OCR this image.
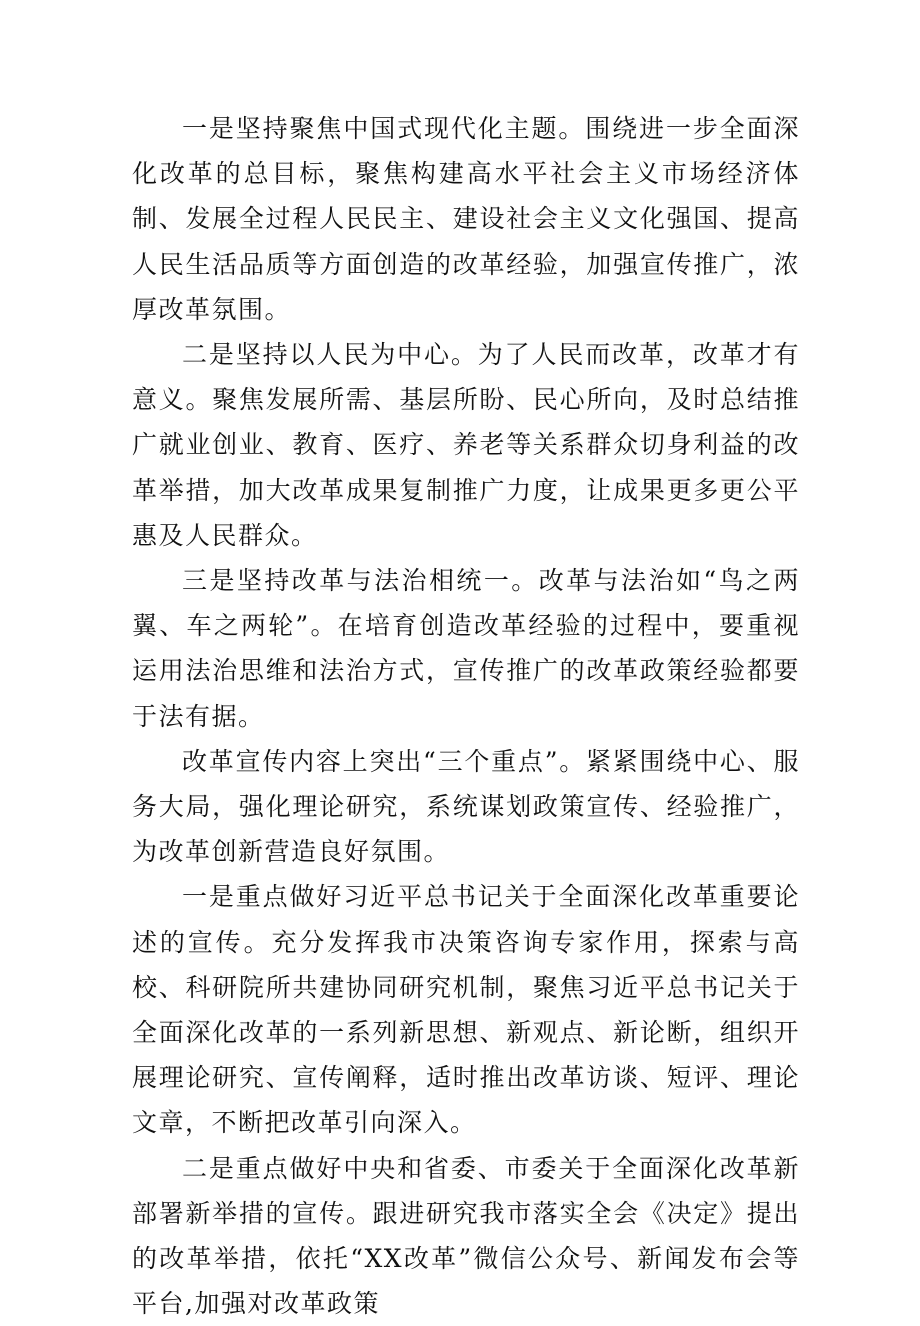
一是坚持聚焦中国式现代化主题。围绕进一步全面深化改革的总目标，聚焦构建高水平社会主义市场经济体制、发展全过程人民民主、建设社会主义文化强国、提高人民生活品质等方面创造的改革经验，加强宣传推广，浓厚改革氛围。

二是坚持以人民为中心。为了人民而改革，改革才有意义。聚焦发展所需、基层所盼、民心所向，及时总结推广就业创业、教育、医疗、养老等关系群众切身利益的改革举措，加大改革成果复制推广力度，让成果更多更公平惠及人民群众。

三是坚持改革与法治相统一。改革与法治如“鸟之两翼、车之两轮”。在培育创造改革经验的过程中，要重视运用法治思维和法治方式，宣传推广的改革政策经验都要于法有据。

改革宣传内容上突出“三个重点”。紧紧围绕中心、服务大局，强化理论研究，系统谋划政策宣传、经验推广，为改革创新营造良好氛围。

一是重点做好习近平总书记关于全面深化改革重要论述的宣传。充分发挥我市决策咨询专家作用，探索与高校、科研院所共建协同研究机制，聚焦习近平总书记关于全面深化改革的一系列新思想、新观点、新论断，组织开展理论研究、宣传阐释，适时推出改革访谈、短评、理论文章，不断把改革引向深入。

二是重点做好中央和省委、市委关于全面深化改革新部署新举措的宣传。跟进研究我市落实全会《决定》提出的改革举措，依托“XX改革”微信公众号、新闻发布会等平台,加强对改革政策
